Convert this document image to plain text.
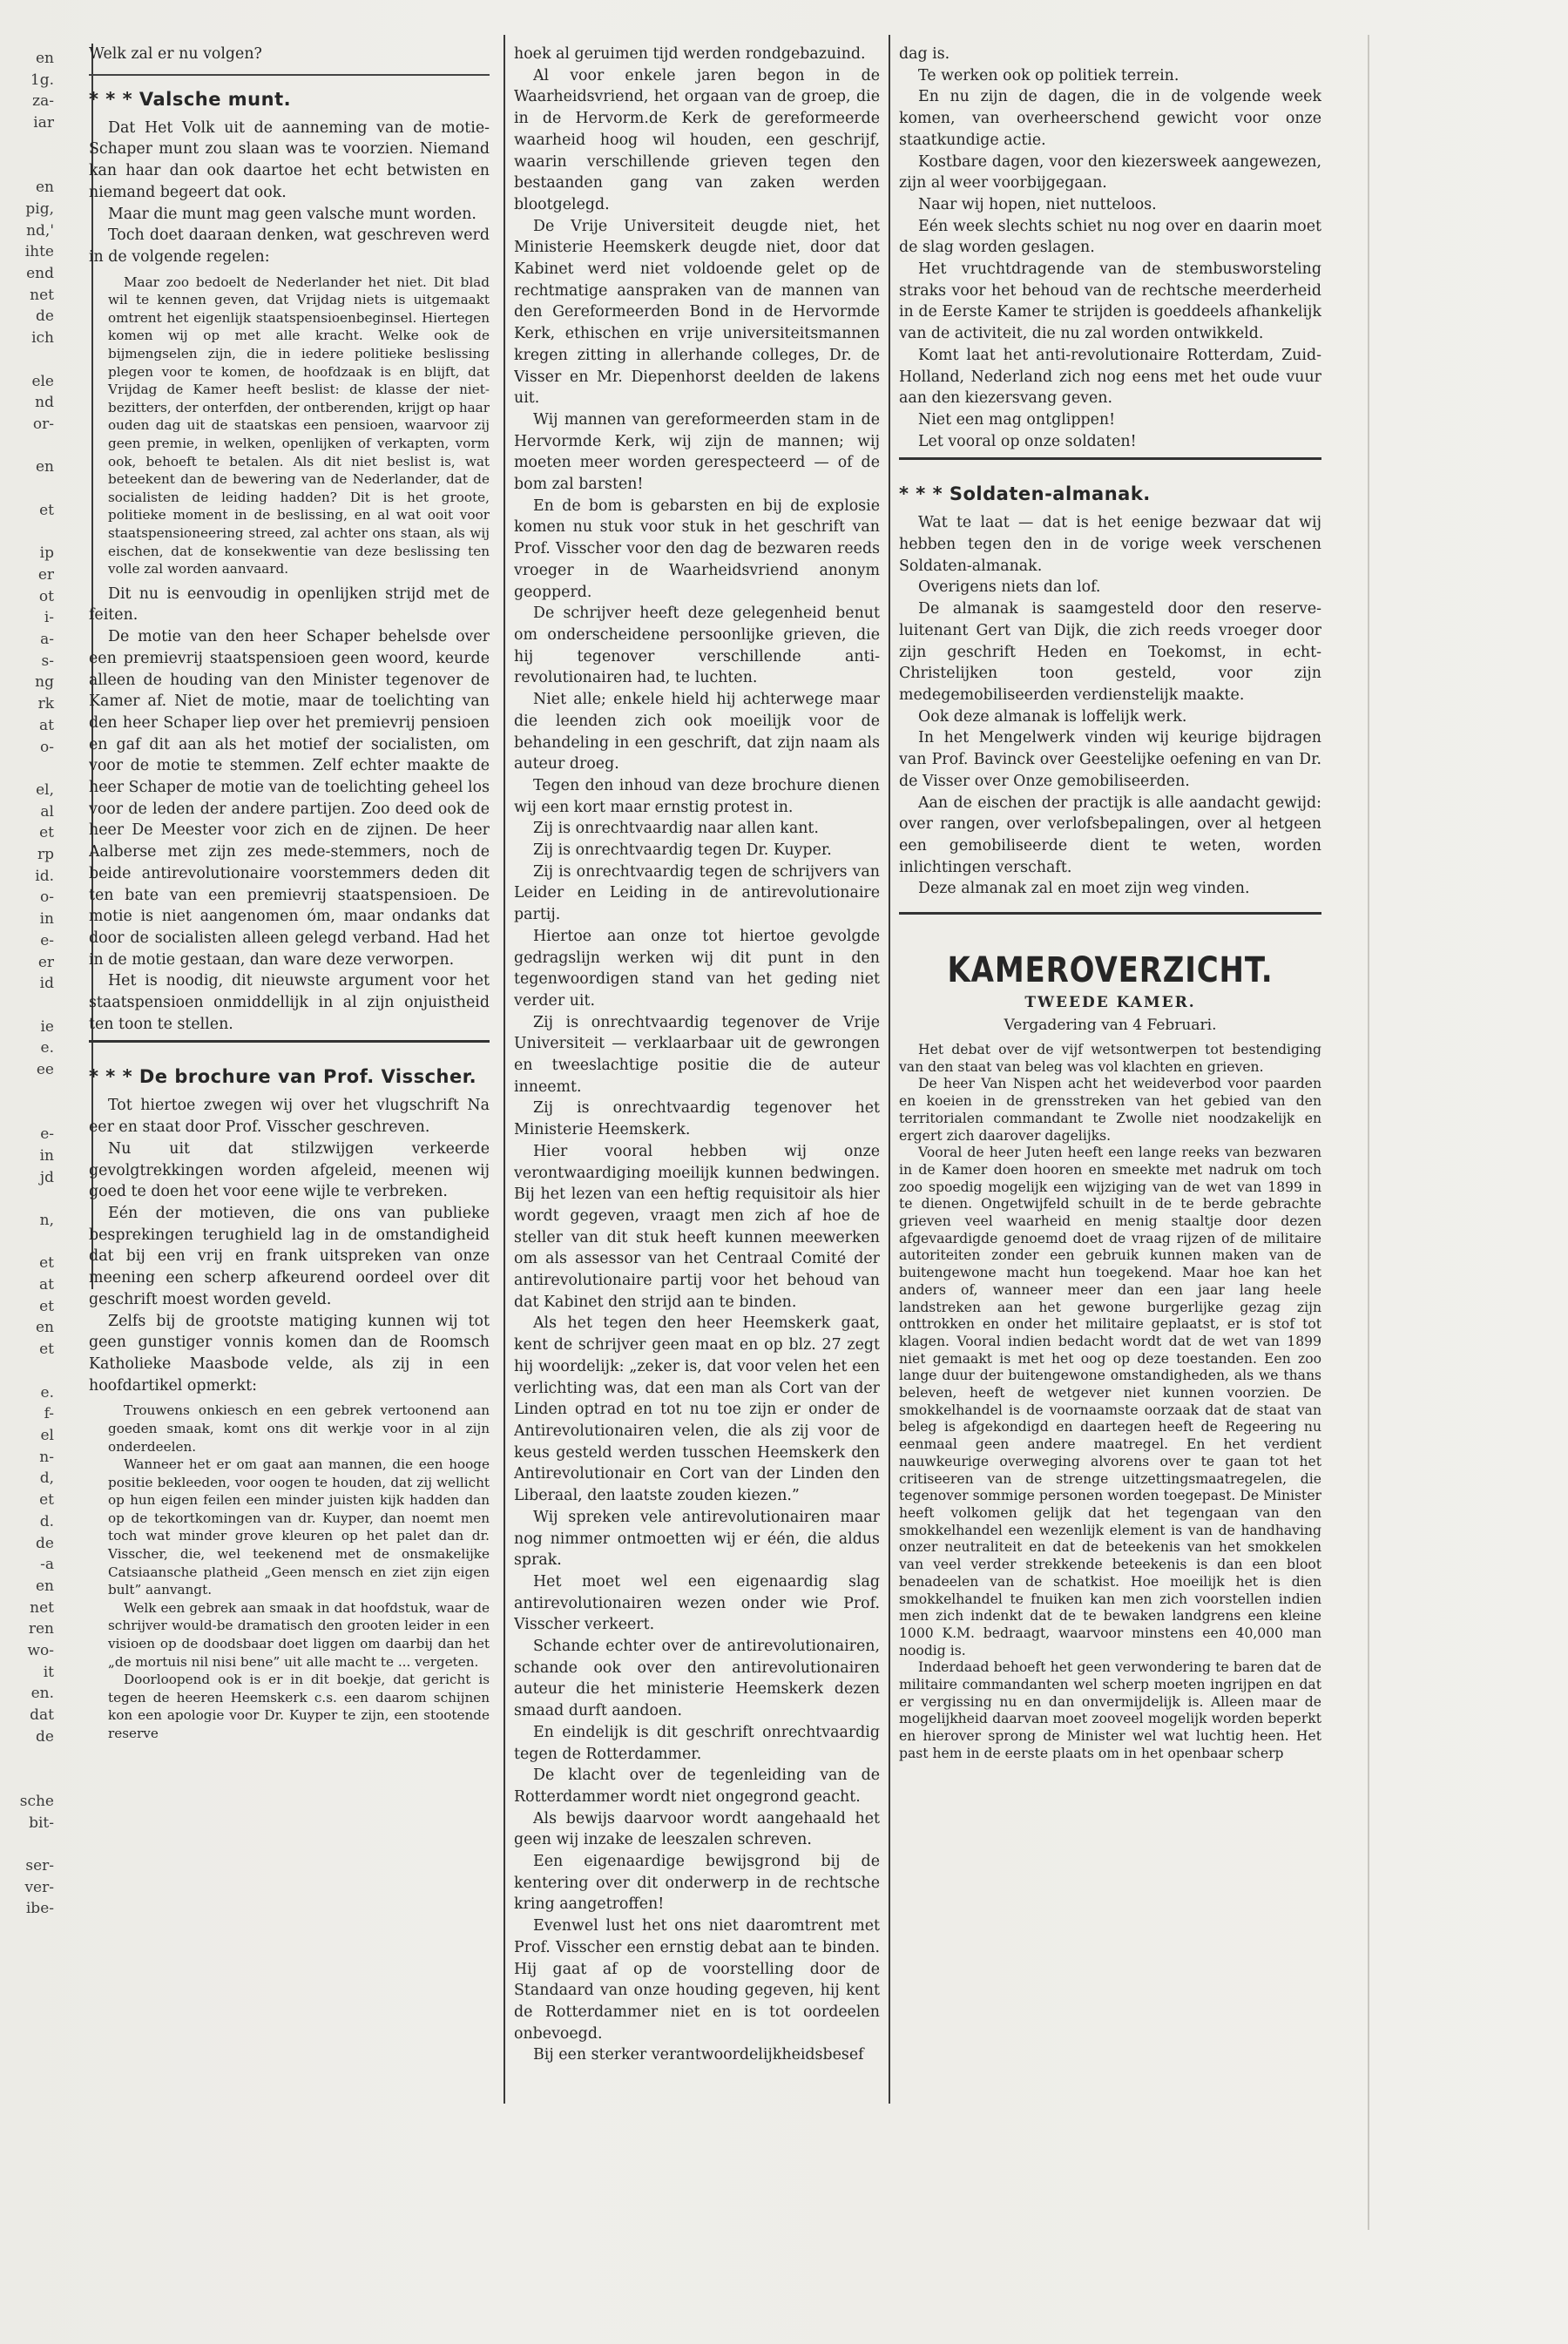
en
1g.
za-
iar

en
pig,
nd,'
ihte
end
net
de
ich

ele
nd
or-

en

et

ip
er
ot
i-
a-
s-
ng
rk
at
o-

el,
al
et
rp
id.
o-
in
e-
er
id

ie
e.
ee

e-
in
jd

n,

et
at
et
en
et

e.
f-
el
n-
d,
et
d.
de
-a
en
net
ren
wo-
it
en.
dat
de

sche
bit-

ser-
ver-
ibe-

Welk zal er nu volgen?

* * * Valsche munt.

Dat Het Volk uit de aanneming van de motie-Schaper munt zou slaan was te voorzien. Niemand kan haar dan ook daartoe het echt betwisten en niemand begeert dat ook.

Maar die munt mag geen valsche munt worden.

Toch doet daaraan denken, wat geschreven werd in de volgende regelen:

Maar zoo bedoelt de Nederlander het niet. Dit blad wil te kennen geven, dat Vrijdag niets is uitgemaakt omtrent het eigenlijk staatspensioenbeginsel. Hiertegen komen wij op met alle kracht. Welke ook de bijmengselen zijn, die in iedere politieke beslissing plegen voor te komen, de hoofdzaak is en blijft, dat Vrijdag de Kamer heeft beslist: de klasse der niet-bezitters, der onterfden, der ontberenden, krijgt op haar ouden dag uit de staatskas een pensioen, waarvoor zij geen premie, in welken, openlijken of verkapten, vorm ook, behoeft te betalen. Als dit niet beslist is, wat beteekent dan de bewering van de Nederlander, dat de socialisten de leiding hadden? Dit is het groote, politieke moment in de beslissing, en al wat ooit voor staatspensioneering streed, zal achter ons staan, als wij eischen, dat de konsekwentie van deze beslissing ten volle zal worden aanvaard.

Dit nu is eenvoudig in openlijken strijd met de feiten.

De motie van den heer Schaper behelsde over een premievrij staatspensioen geen woord, keurde alleen de houding van den Minister tegenover de Kamer af. Niet de motie, maar de toelichting van den heer Schaper liep over het premievrij pensioen en gaf dit aan als het motief der socialisten, om voor de motie te stemmen. Zelf echter maakte de heer Schaper de motie van de toelichting geheel los voor de leden der andere partijen. Zoo deed ook de heer De Meester voor zich en de zijnen. De heer Aalberse met zijn zes mede-stemmers, noch de beide antirevolutionaire voorstemmers deden dit ten bate van een premievrij staatspensioen. De motie is niet aangenomen óm, maar ondanks dat door de socialisten alleen gelegd verband. Had het in de motie gestaan, dan ware deze verworpen.

Het is noodig, dit nieuwste argument voor het staatspensioen onmiddellijk in al zijn onjuistheid ten toon te stellen.

* * * De brochure van Prof. Visscher.

Tot hiertoe zwegen wij over het vlugschrift Na eer en staat door Prof. Visscher geschreven.

Nu uit dat stilzwijgen verkeerde gevolgtrekkingen worden afgeleid, meenen wij goed te doen het voor eene wijle te verbreken.

Eén der motieven, die ons van publieke besprekingen terughield lag in de omstandigheid dat bij een vrij en frank uitspreken van onze meening een scherp afkeurend oordeel over dit geschrift moest worden geveld.

Zelfs bij de grootste matiging kunnen wij tot geen gunstiger vonnis komen dan de Roomsch Katholieke Maasbode velde, als zij in een hoofdartikel opmerkt:

Trouwens onkiesch en een gebrek vertoonend aan goeden smaak, komt ons dit werkje voor in al zijn onderdeelen.

Wanneer het er om gaat aan mannen, die een hooge positie bekleeden, voor oogen te houden, dat zij wellicht op hun eigen feilen een minder juisten kijk hadden dan op de tekortkomingen van dr. Kuyper, dan noemt men toch wat minder grove kleuren op het palet dan dr. Visscher, die, wel teekenend met de onsmakelijke Catsiaansche platheid „Geen mensch en ziet zijn eigen bult” aanvangt.

Welk een gebrek aan smaak in dat hoofdstuk, waar de schrijver would-be dramatisch den grooten leider in een visioen op de doodsbaar doet liggen om daarbij dan het „de mortuis nil nisi bene” uit alle macht te ... vergeten.

Doorloopend ook is er in dit boekje, dat gericht is tegen de heeren Heemskerk c.s. een daarom schijnen kon een apologie voor Dr. Kuyper te zijn, een stootende reserve

hoek al geruimen tijd werden rondgebazuind.

Al voor enkele jaren begon in de Waarheidsvriend, het orgaan van de groep, die in de Hervorm.de Kerk de gereformeerde waarheid hoog wil houden, een geschrijf, waarin verschillende grieven tegen den bestaanden gang van zaken werden blootgelegd.

De Vrije Universiteit deugde niet, het Ministerie Heemskerk deugde niet, door dat Kabinet werd niet voldoende gelet op de rechtmatige aanspraken van de mannen van den Gereformeerden Bond in de Hervormde Kerk, ethischen en vrije universiteitsmannen kregen zitting in allerhande colleges, Dr. de Visser en Mr. Diepenhorst deelden de lakens uit.

Wij mannen van gereformeerden stam in de Hervormde Kerk, wij zijn de mannen; wij moeten meer worden gerespecteerd — of de bom zal barsten!

En de bom is gebarsten en bij de explosie komen nu stuk voor stuk in het geschrift van Prof. Visscher voor den dag de bezwaren reeds vroeger in de Waarheidsvriend anonym geopperd.

De schrijver heeft deze gelegenheid benut om onderscheidene persoonlijke grieven, die hij tegenover verschillende anti-revolutionairen had, te luchten.

Niet alle; enkele hield hij achterwege maar die leenden zich ook moeilijk voor de behandeling in een geschrift, dat zijn naam als auteur droeg.

Tegen den inhoud van deze brochure dienen wij een kort maar ernstig protest in.

Zij is onrechtvaardig naar allen kant.

Zij is onrechtvaardig tegen Dr. Kuyper.

Zij is onrechtvaardig tegen de schrijvers van Leider en Leiding in de antirevolutionaire partij.

Hiertoe aan onze tot hiertoe gevolgde gedragslijn werken wij dit punt in den tegenwoordigen stand van het geding niet verder uit.

Zij is onrechtvaardig tegenover de Vrije Universiteit — verklaarbaar uit de gewrongen en tweeslachtige positie die de auteur inneemt.

Zij is onrechtvaardig tegenover het Ministerie Heemskerk.

Hier vooral hebben wij onze verontwaardiging moeilijk kunnen bedwingen. Bij het lezen van een heftig requisitoir als hier wordt gegeven, vraagt men zich af hoe de steller van dit stuk heeft kunnen meewerken om als assessor van het Centraal Comité der antirevolutionaire partij voor het behoud van dat Kabinet den strijd aan te binden.

Als het tegen den heer Heemskerk gaat, kent de schrijver geen maat en op blz. 27 zegt hij woordelijk: „zeker is, dat voor velen het een verlichting was, dat een man als Cort van der Linden optrad en tot nu toe zijn er onder de Antirevolutionairen velen, die als zij voor de keus gesteld werden tusschen Heemskerk den Antirevolutionair en Cort van der Linden den Liberaal, den laatste zouden kiezen.”

Wij spreken vele antirevolutionairen maar nog nimmer ontmoetten wij er één, die aldus sprak.

Het moet wel een eigenaardig slag antirevolutionairen wezen onder wie Prof. Visscher verkeert.

Schande echter over de antirevolutionairen, schande ook over den antirevolutionairen auteur die het ministerie Heemskerk dezen smaad durft aandoen.

En eindelijk is dit geschrift onrechtvaardig tegen de Rotterdammer.

De klacht over de tegenleiding van de Rotterdammer wordt niet ongegrond geacht.

Als bewijs daarvoor wordt aangehaald het geen wij inzake de leeszalen schreven.

Een eigenaardige bewijsgrond bij de kentering over dit onderwerp in de rechtsche kring aangetroffen!

Evenwel lust het ons niet daaromtrent met Prof. Visscher een ernstig debat aan te binden. Hij gaat af op de voorstelling door de Standaard van onze houding gegeven, hij kent de Rotterdammer niet en is tot oordeelen onbevoegd.

Bij een sterker verantwoordelijkheidsbesef

dag is.

Te werken ook op politiek terrein.

En nu zijn de dagen, die in de volgende week komen, van overheerschend gewicht voor onze staatkundige actie.

Kostbare dagen, voor den kiezersweek aangewezen, zijn al weer voorbijgegaan.

Naar wij hopen, niet nutteloos.

Eén week slechts schiet nu nog over en daarin moet de slag worden geslagen.

Het vruchtdragende van de stembusworsteling straks voor het behoud van de rechtsche meerderheid in de Eerste Kamer te strijden is goeddeels afhankelijk van de activiteit, die nu zal worden ontwikkeld.

Komt laat het anti-revolutionaire Rotterdam, Zuid-Holland, Nederland zich nog eens met het oude vuur aan den kiezersvang geven.

Niet een mag ontglippen!

Let vooral op onze soldaten!

* * * Soldaten-almanak.

Wat te laat — dat is het eenige bezwaar dat wij hebben tegen den in de vorige week verschenen Soldaten-almanak.

Overigens niets dan lof.

De almanak is saamgesteld door den reserve-luitenant Gert van Dijk, die zich reeds vroeger door zijn geschrift Heden en Toekomst, in echt-Christelijken toon gesteld, voor zijn medegemobiliseerden verdienstelijk maakte.

Ook deze almanak is loffelijk werk.

In het Mengelwerk vinden wij keurige bijdragen van Prof. Bavinck over Geestelijke oefening en van Dr. de Visser over Onze gemobiliseerden.

Aan de eischen der practijk is alle aandacht gewijd: over rangen, over verlofsbepalingen, over al hetgeen een gemobiliseerde dient te weten, worden inlichtingen verschaft.

Deze almanak zal en moet zijn weg vinden.

KAMEROVERZICHT.
TWEEDE KAMER.
Vergadering van 4 Februari.

Het debat over de vijf wetsontwerpen tot bestendiging van den staat van beleg was vol klachten en grieven.

De heer Van Nispen acht het weideverbod voor paarden en koeien in de grensstreken van het gebied van den territorialen commandant te Zwolle niet noodzakelijk en ergert zich daarover dagelijks.

Vooral de heer Juten heeft een lange reeks van bezwaren in de Kamer doen hooren en smeekte met nadruk om toch zoo spoedig mogelijk een wijziging van de wet van 1899 in te dienen. Ongetwijfeld schuilt in de te berde gebrachte grieven veel waarheid en menig staaltje door dezen afgevaardigde genoemd doet de vraag rijzen of de militaire autoriteiten zonder een gebruik kunnen maken van de buitengewone macht hun toegekend. Maar hoe kan het anders of, wanneer meer dan een jaar lang heele landstreken aan het gewone burgerlijke gezag zijn onttrokken en onder het militaire geplaatst, er is stof tot klagen. Vooral indien bedacht wordt dat de wet van 1899 niet gemaakt is met het oog op deze toestanden. Een zoo lange duur der buitengewone omstandigheden, als we thans beleven, heeft de wetgever niet kunnen voorzien. De smokkelhandel is de voornaamste oorzaak dat de staat van beleg is afgekondigd en daartegen heeft de Regeering nu eenmaal geen andere maatregel. En het verdient nauwkeurige overweging alvorens over te gaan tot het critiseeren van de strenge uitzettingsmaatregelen, die tegenover sommige personen worden toegepast. De Minister heeft volkomen gelijk dat het tegengaan van den smokkelhandel een wezenlijk element is van de handhaving onzer neutraliteit en dat de beteekenis van het smokkelen van veel verder strekkende beteekenis is dan een bloot benadeelen van de schatkist. Hoe moeilijk het is dien smokkelhandel te fnuiken kan men zich voorstellen indien men zich indenkt dat de te bewaken landgrens een kleine 1000 K.M. bedraagt, waarvoor minstens een 40,000 man noodig is.

Inderdaad behoeft het geen verwondering te baren dat de militaire commandanten wel scherp moeten ingrijpen en dat er vergissing nu en dan onvermijdelijk is. Alleen maar de mogelijkheid daarvan moet zooveel mogelijk worden beperkt en hierover sprong de Minister wel wat luchtig heen. Het past hem in de eerste plaats om in het openbaar scherp
